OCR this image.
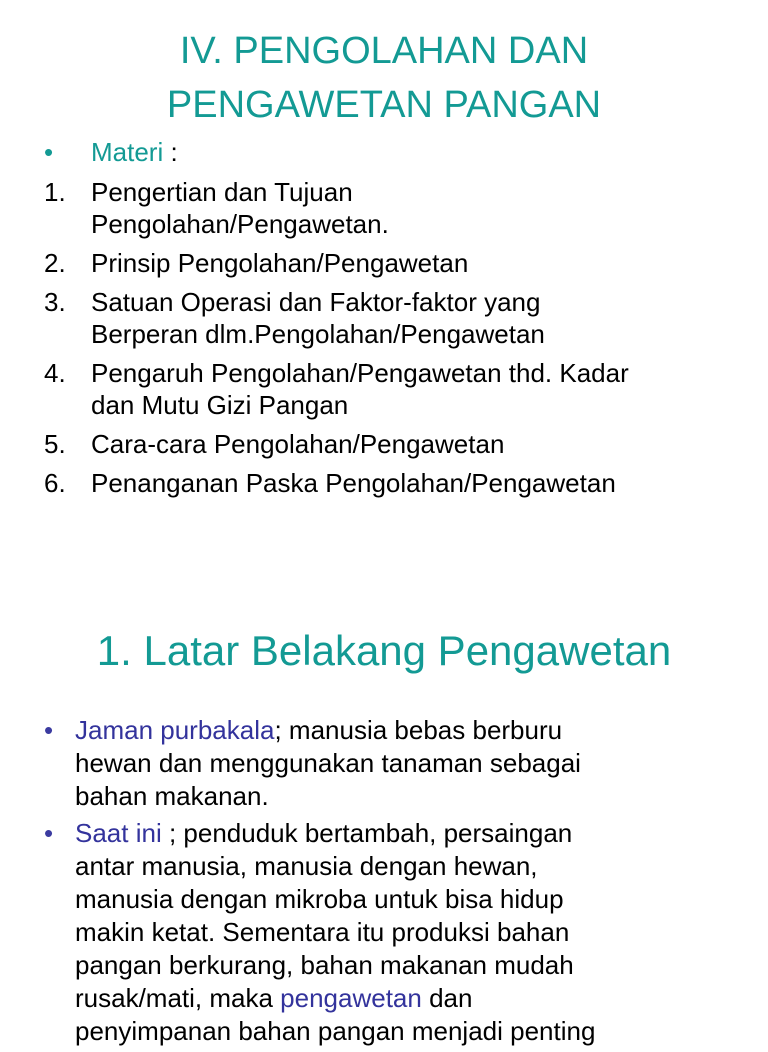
IV. PENGOLAHAN DAN
PENGAWETAN PANGAN
• Materi :
1. Pengertian dan Tujuan
Pengolahan/Pengawetan.
2. Prinsip Pengolahan/Pengawetan
3. Satuan Operasi dan Faktor-faktor yang
Berperan dlm.Pengolahan/Pengawetan
4. Pengaruh Pengolahan/Pengawetan thd. Kadar
dan Mutu Gizi Pangan
5. Cara-cara Pengolahan/Pengawetan
6. Penanganan Paska Pengolahan/Pengawetan
1. Latar Belakang Pengawetan
• Jaman purbakala; manusia bebas berburu
hewan dan menggunakan tanaman sebagai
bahan makanan.
• Saat ini ; penduduk bertambah, persaingan
antar manusia, manusia dengan hewan,
manusia dengan mikroba untuk bisa hidup
makin ketat. Sementara itu produksi bahan
pangan berkurang, bahan makanan mudah
rusak/mati, maka pengawetan dan
penyimpanan bahan pangan menjadi penting
